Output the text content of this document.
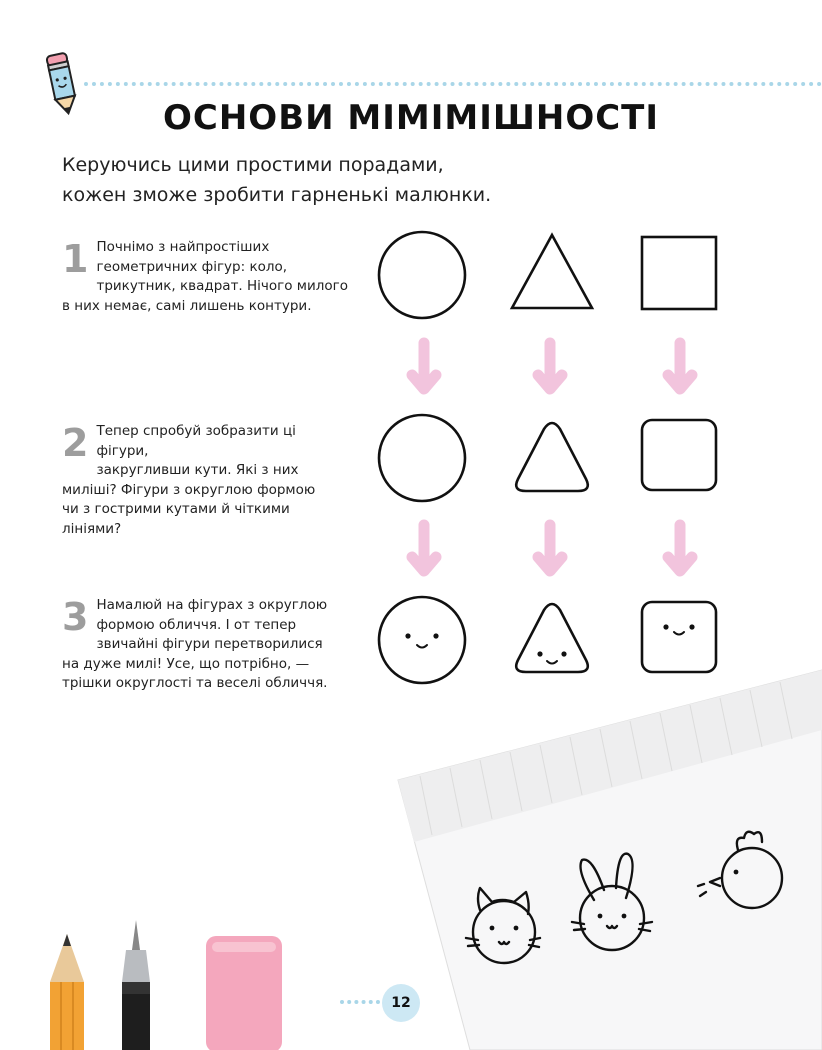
ОСНОВИ МІМІМІШНОСТІ
Керуючись цими простими порадами,
кожен зможе зробити гарненькі малюнки.
1 Почнімо з найпростіших
геометричних фігур: коло,
трикутник, квадрат. Нічого милого
в них немає, самі лишень контури.
2 Тепер спробуй зобразити ці фігури,
закругливши кути. Які з них
миліші? Фігури з округлою формою
чи з гострими кутами й чіткими
лініями?
3 Намалюй на фігурах з округлою
формою обличчя. І от тепер
звичайні фігури перетворилися
на дуже милі! Усе, що потрібно, —
трішки округлості та веселі обличчя.
12
